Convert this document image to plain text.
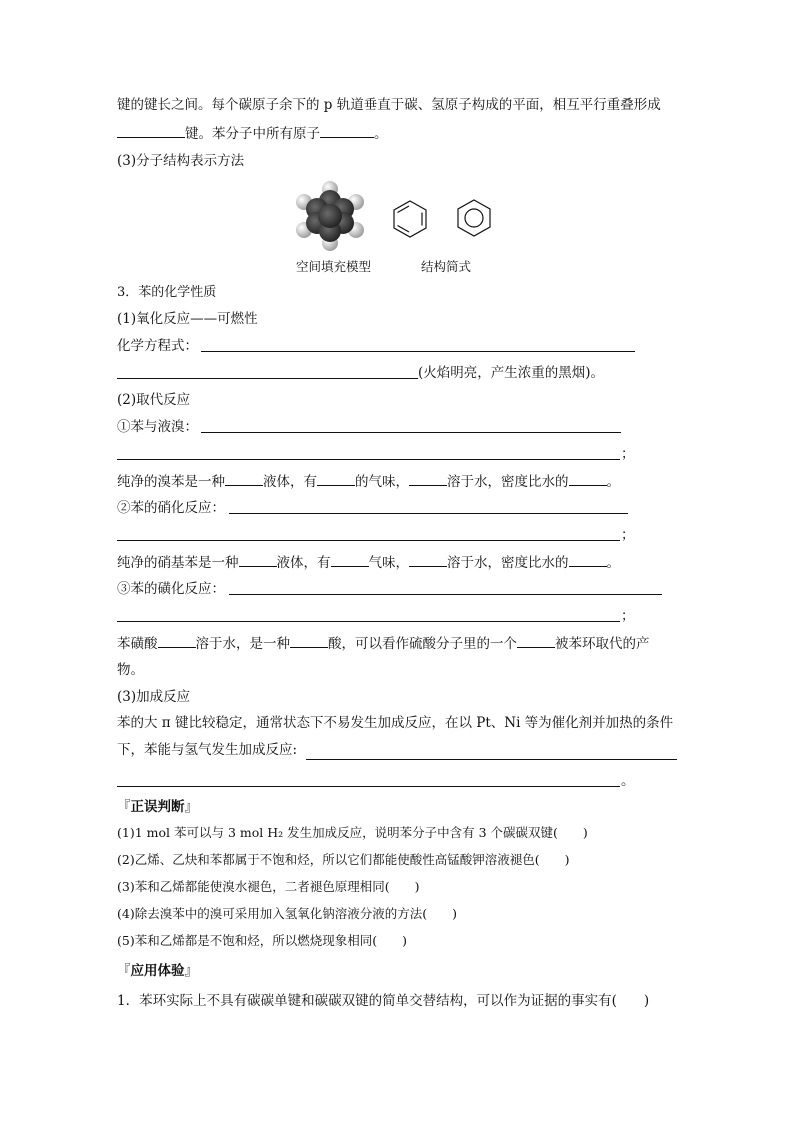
键的键长之间。每个碳原子余下的 p 轨道垂直于碳、氢原子构成的平面，相互平行重叠形成
键。苯分子中所有原子	。
(3)分子结构表示方法
空间填充模型	结构简式
3．苯的化学性质
(1)氧化反应——可燃性
化学方程式：
(火焰明亮，产生浓重的黑烟)。
(2)取代反应
①苯与液溴：
；
纯净的溴苯是一种	液体，有	的气味，	溶于水，密度比水的	。
②苯的硝化反应：
；
纯净的硝基苯是一种	液体，有	气味，	溶于水，密度比水的	。
③苯的磺化反应：
；
苯磺酸	溶于水，是一种	酸，可以看作硫酸分子里的一个	被苯环取代的产
物。
(3)加成反应
苯的大 π 键比较稳定，通常状态下不易发生加成反应，在以 Pt、Ni 等为催化剂并加热的条件
下，苯能与氢气发生加成反应:
。
『正误判断』
(1)1 mol 苯可以与 3 mol H₂ 发生加成反应，说明苯分子中含有 3 个碳碳双键(　　)
(2)乙烯、乙炔和苯都属于不饱和烃，所以它们都能使酸性高锰酸钾溶液褪色(　　)
(3)苯和乙烯都能使溴水褪色，二者褪色原理相同(　　)
(4)除去溴苯中的溴可采用加入氢氧化钠溶液分液的方法(　　)
(5)苯和乙烯都是不饱和烃，所以燃烧现象相同(　　)
『应用体验』
1．苯环实际上不具有碳碳单键和碳碳双键的简单交替结构，可以作为证据的事实有(　　)
